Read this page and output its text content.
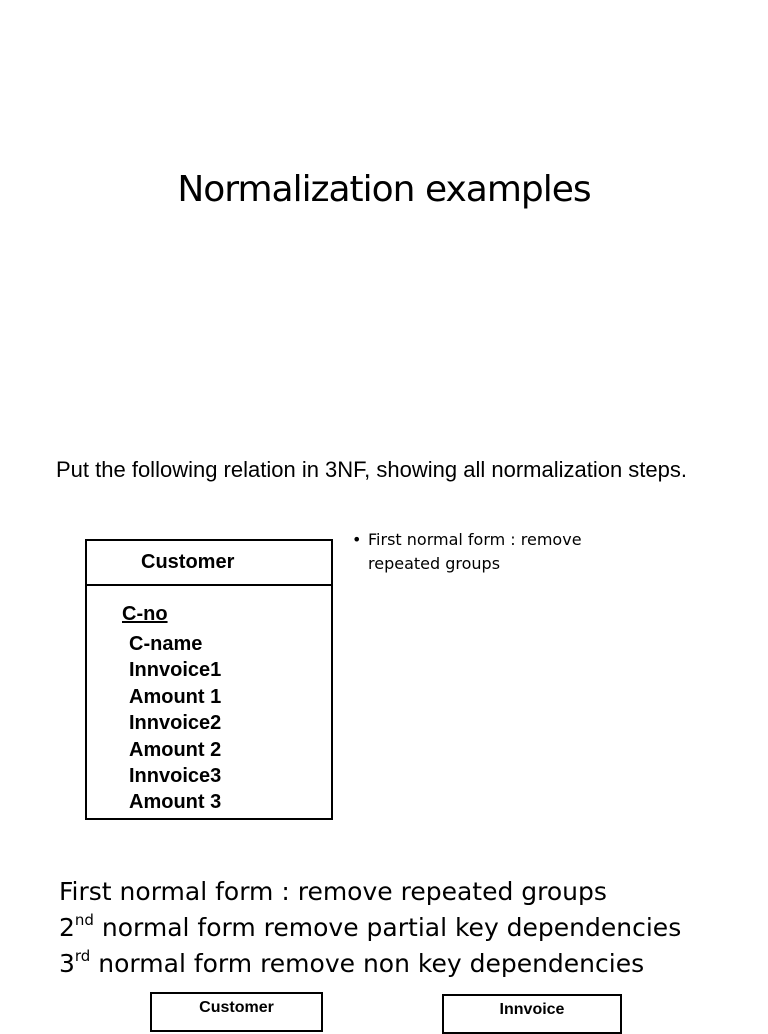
Normalization examples
Put the following relation in 3NF, showing all normalization steps.
Customer
C-no
C-name
Innvoice1
Amount 1
Innvoice2
Amount 2
Innvoice3
Amount 3
• First normal form : remove repeated groups
First normal form : remove repeated groups
2nd normal form remove partial key dependencies
3rd normal form remove non key dependencies
Customer	Innvoice
